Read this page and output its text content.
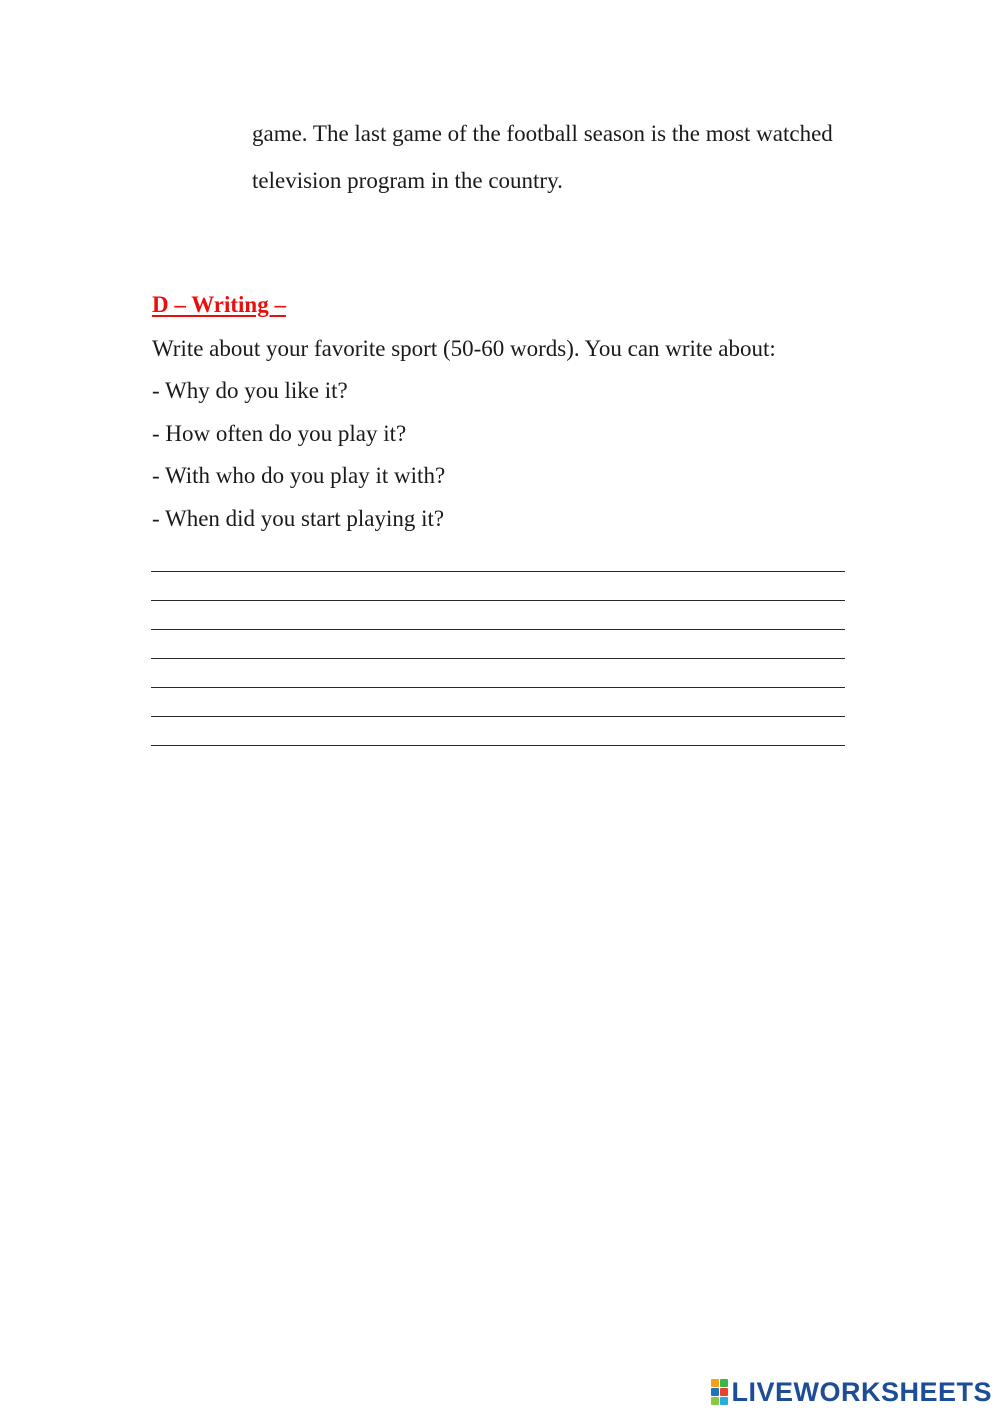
game. The last game of the football season is the most watched
television program in the country.
D – Writing –
Write about your favorite sport (50-60 words). You can write about:
- Why do you like it?
- How often do you play it?
- With who do you play it with?
- When did you start playing it?
LIVEWORKSHEETS
